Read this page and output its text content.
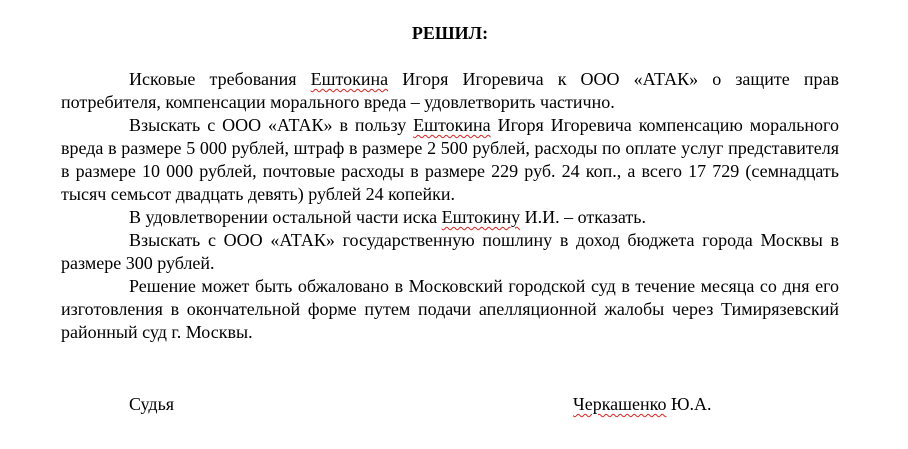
РЕШИЛ:

Исковые требования Ештокина Игоря Игоревича к ООО «АТАК» о защите прав потребителя, компенсации морального вреда – удовлетворить частично.

Взыскать с ООО «АТАК» в пользу Ештокина Игоря Игоревича компенсацию морального вреда в размере 5 000 рублей, штраф в размере 2 500 рублей, расходы по оплате услуг представителя в размере 10 000 рублей, почтовые расходы в размере 229 руб. 24 коп., а всего 17 729 (семнадцать тысяч семьсот двадцать девять) рублей 24 копейки.

В удовлетворении остальной части иска Ештокину И.И. – отказать.

Взыскать с ООО «АТАК» государственную пошлину в доход бюджета города Москвы в размере 300 рублей.

Решение может быть обжаловано в Московский городской суд в течение месяца со дня его изготовления в окончательной форме путем подачи апелляционной жалобы через Тимирязевский районный суд г. Москвы.

Судья	Черкашенко Ю.А.
